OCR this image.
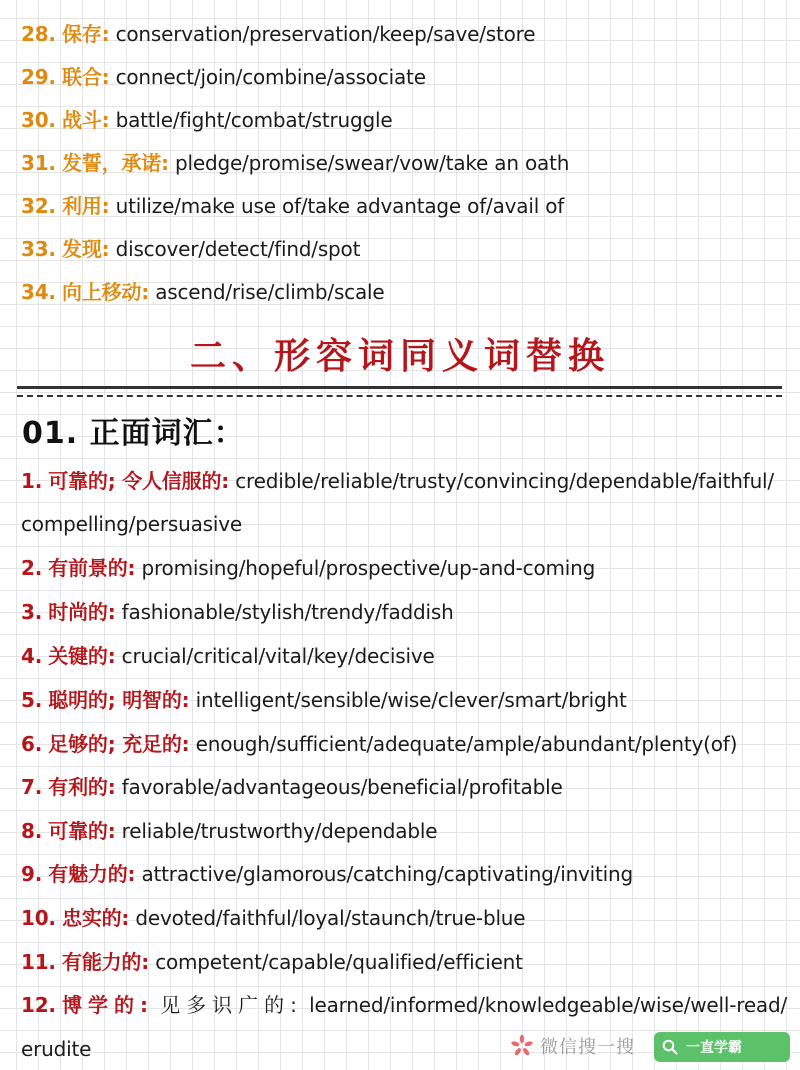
28. 保存: conservation/preservation/keep/save/store
29. 联合: connect/join/combine/associate
30. 战斗: battle/fight/combat/struggle
31. 发誓，承诺: pledge/promise/swear/vow/take an oath
32. 利用: utilize/make use of/take advantage of/avail of
33. 发现: discover/detect/find/spot
34. 向上移动: ascend/rise/climb/scale
二、形容词同义词替换
01. 正面词汇：
1. 可靠的; 令人信服的: credible/reliable/trusty/convincing/dependable/faithful/
compelling/persuasive
2. 有前景的: promising/hopeful/prospective/up-and-coming
3. 时尚的: fashionable/stylish/trendy/faddish
4. 关键的: crucial/critical/vital/key/decisive
5. 聪明的; 明智的: intelligent/sensible/wise/clever/smart/bright
6. 足够的; 充足的: enough/sufficient/adequate/ample/abundant/plenty(of)
7. 有利的: favorable/advantageous/beneficial/profitable
8. 可靠的: reliable/trustworthy/dependable
9. 有魅力的: attractive/glamorous/catching/captivating/inviting
10. 忠实的: devoted/faithful/loyal/staunch/true-blue
11. 有能力的: competent/capable/qualified/efficient
12. 博学的: 见多识广的: learned/informed/knowledgeable/wise/well-read/
erudite	微信搜一搜	一直学霸
